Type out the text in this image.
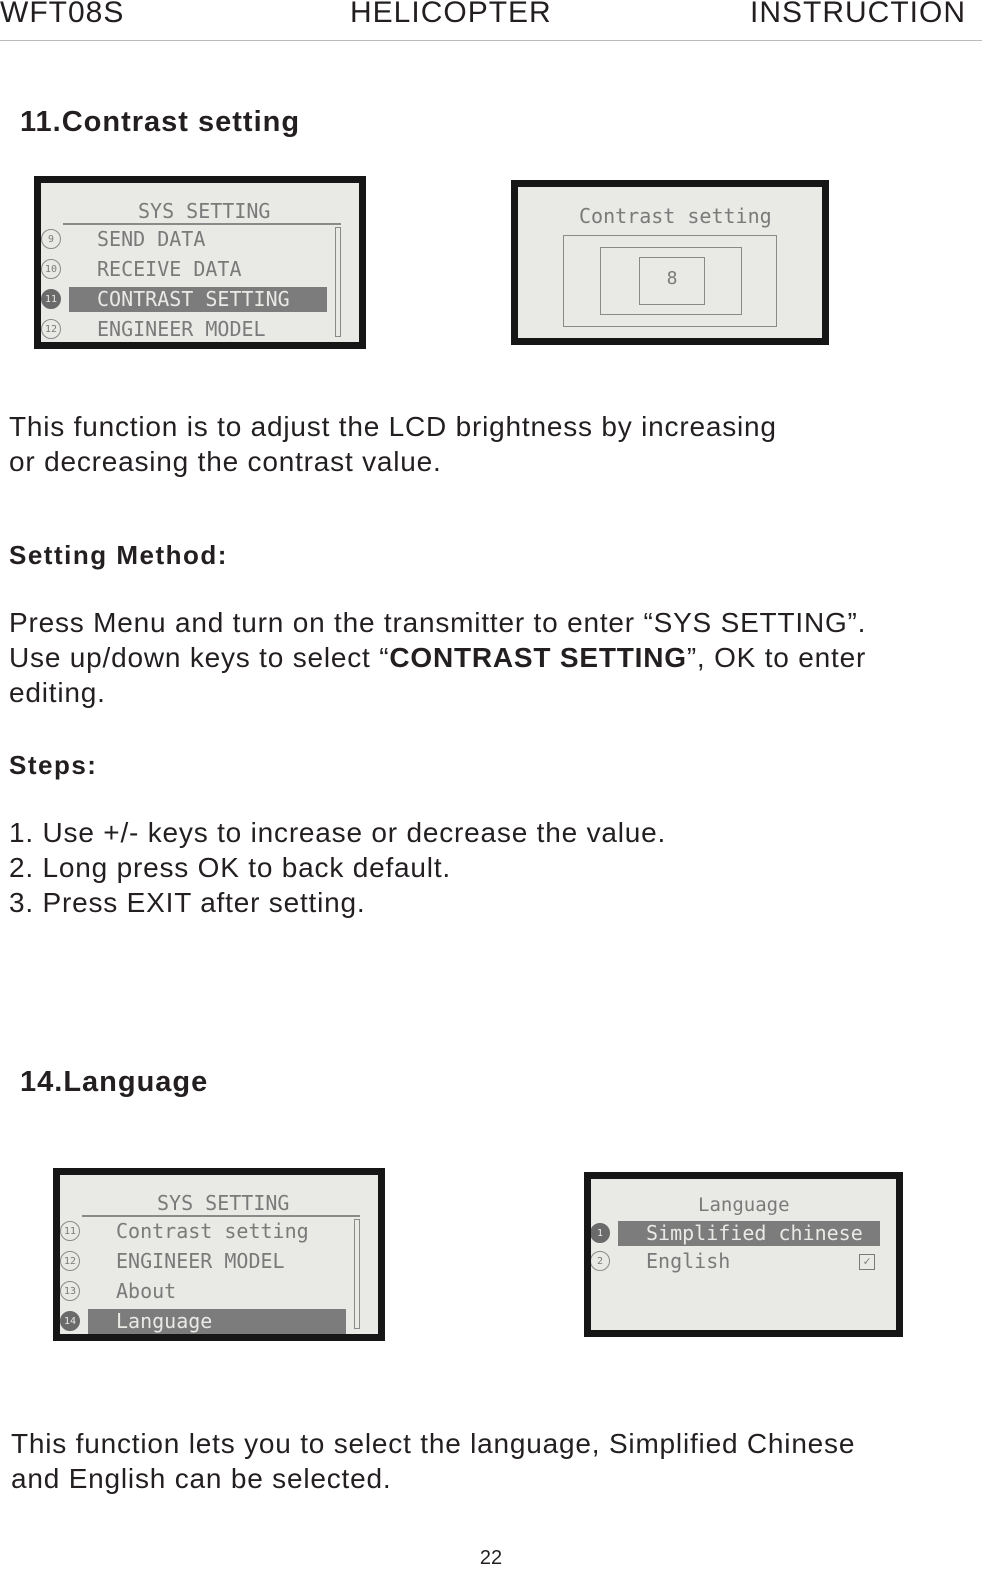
WFT08S	HELICOPTER	INSTRUCTION
11.Contrast setting
SYS SETTING
9	SEND DATA
10 RECEIVE DATA
11 CONTRAST SETTING
12 ENGINEER MODEL
Contrast setting
8
This function is to adjust the LCD brightness by increasing
or decreasing the contrast value.
Setting Method:
Press Menu and turn on the transmitter to enter “SYS SETTING”.
Use up/down keys to select “CONTRAST SETTING”, OK to enter
editing.
Steps:
1. Use +/- keys to increase or decrease the value.
2. Long press OK to back default.
3. Press EXIT after setting.
14.Language
SYS SETTING
11 Contrast setting
12 ENGINEER MODEL
13 About
14 Language
Language
1	Simplified chinese
2	English	✓
This function lets you to select the language, Simplified Chinese
and English can be selected.
22
